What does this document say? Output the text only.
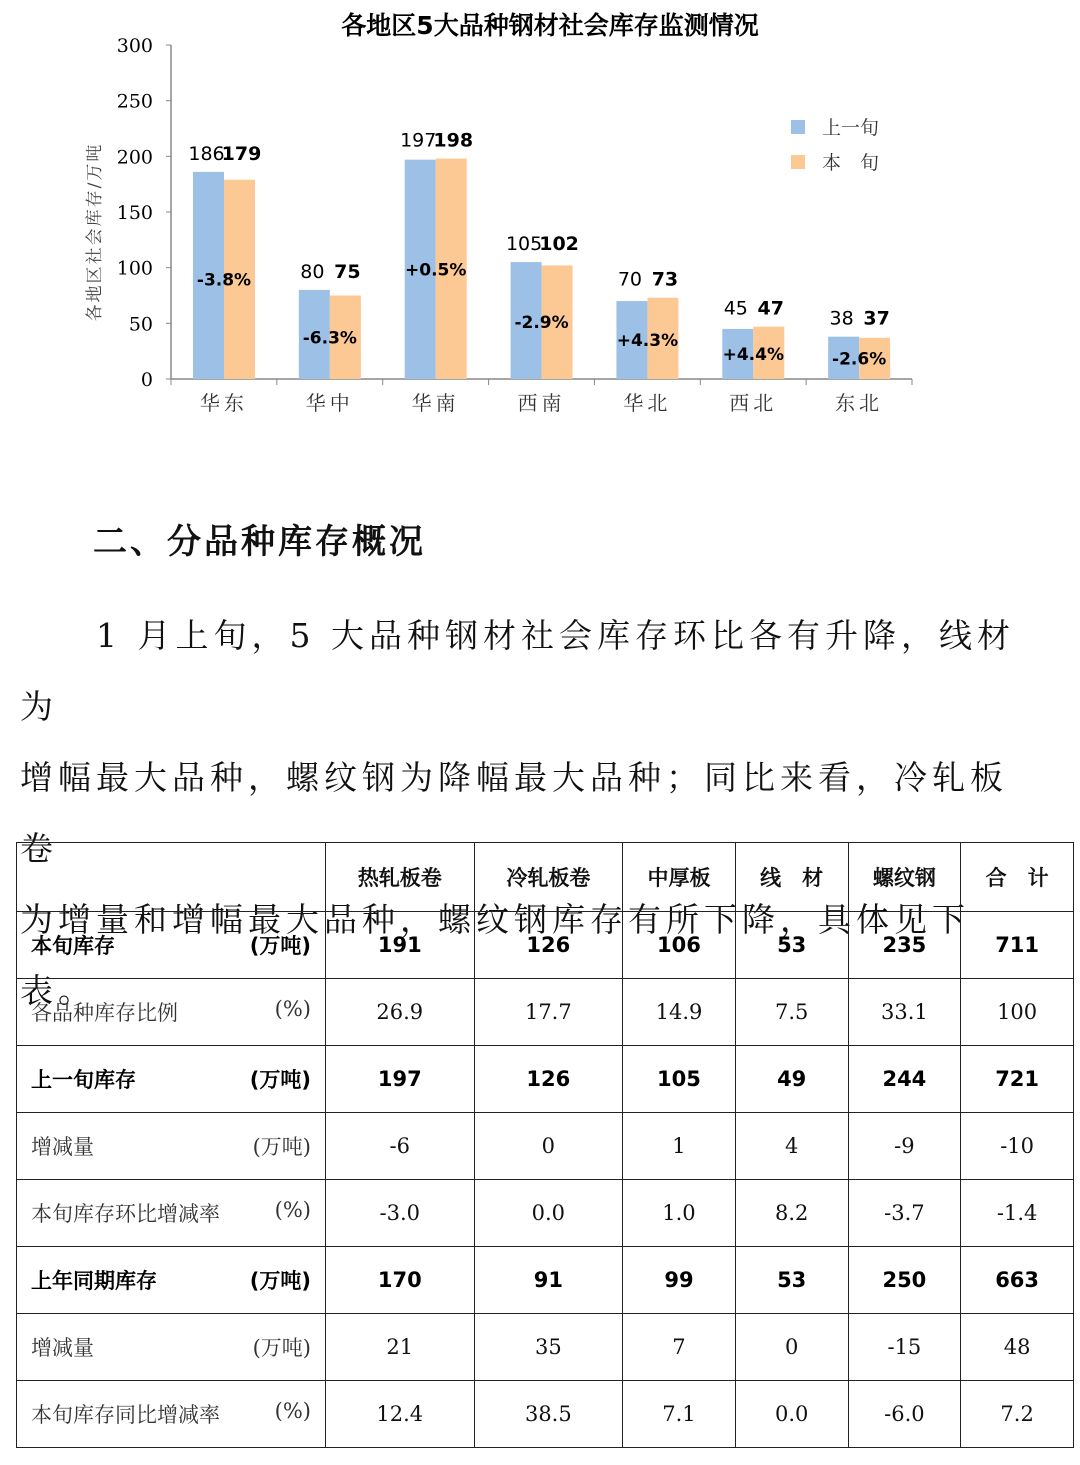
各地区5大品种钢材社会库存监测情况
0
50
100
150
200
250
300
各地区社会库存/万吨	186
179
-3.8%
华东
80 75
-6.3%
华中
197
198
+0.5%
华南
105
102
-2.9%
西南
70 73
+4.3%
华北
45 47
+4.4%
西北
38 37
-2.6%
东北
上一旬
本　旬
二、分品种库存概况

　　1 月上旬，5 大品种钢材社会库存环比各有升降，线材为

增幅最大品种，螺纹钢为降幅最大品种；同比来看，冷轧板卷

为增量和增幅最大品种，螺纹钢库存有所下降，具体见下表。

	热轧板卷	冷轧板卷	中厚板	线　材	螺纹钢	合　计
本旬库存 (万吨)	191	126	106	53	235	711
各品种库存比例 (%)	26.9	17.7	14.9	7.5	33.1	100
上一旬库存 (万吨)	197	126	105	49	244	721
增减量 (万吨)	-6	0	1	4	-9	-10
本旬库存环比增减率 (%)	-3.0	0.0	1.0	8.2	-3.7	-1.4
上年同期库存 (万吨)	170	91	99	53	250	663
增减量 (万吨)	21	35	7	0	-15	48
本旬库存同比增减率 (%)	12.4	38.5	7.1	0.0	-6.0	7.2
